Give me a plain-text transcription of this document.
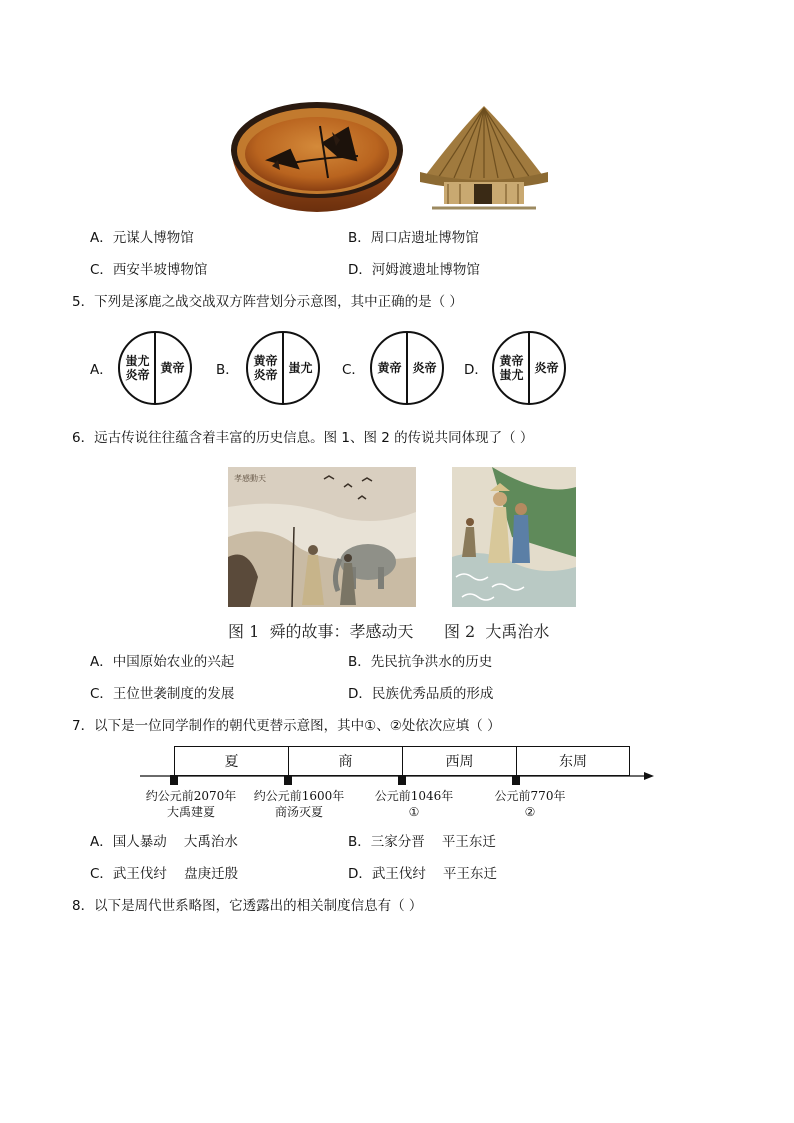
A．元谋人博物馆	B．周口店遗址博物馆
C．西安半坡博物馆	D．河姆渡遗址博物馆
5．下列是涿鹿之战交战双方阵营划分示意图，其中正确的是（ ）
A．
蚩尤
炎帝 黄帝 B．
黄帝
炎帝 蚩尤 C． 黄帝 炎帝 D．
黄帝
蚩尤 炎帝
6．远古传说往往蕴含着丰富的历史信息。图 1、图 2 的传说共同体现了（ ）
孝感動天
图 1  舜的故事：孝感动天      图 2  大禹治水
A．中国原始农业的兴起	B．先民抗争洪水的历史
C．王位世袭制度的发展	D．民族优秀品质的形成
7．以下是一位同学制作的朝代更替示意图，其中①、②处依次应填（ ）
夏	商	西周	东周
约公元前2070年
大禹建夏
约公元前1600年
商汤灭夏
公元前1046年
①
公元前770年
②
A．国人暴动    大禹治水	B．三家分晋    平王东迁
C．武王伐纣    盘庚迁殷	D．武王伐纣    平王东迁
8．以下是周代世系略图，它透露出的相关制度信息有（ ）
